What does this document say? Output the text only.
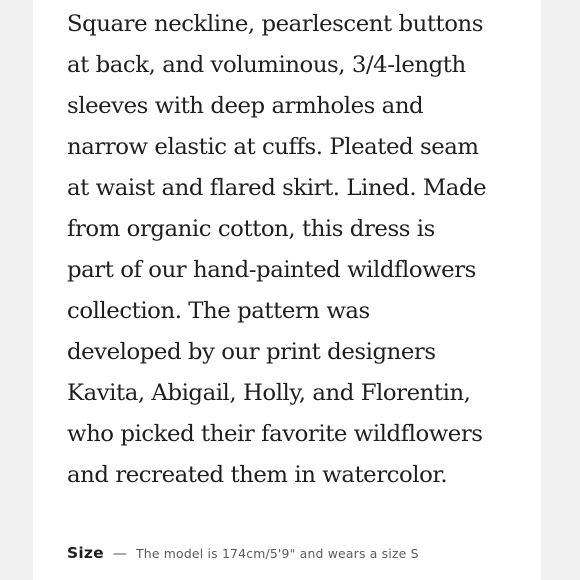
Square neckline, pearlescent buttons
at back, and voluminous, 3/4-length
sleeves with deep armholes and
narrow elastic at cuffs. Pleated seam
at waist and flared skirt. Lined. Made
from organic cotton, this dress is
part of our hand-painted wildflowers
collection. The pattern was
developed by our print designers
Kavita, Abigail, Holly, and Florentin,
who picked their favorite wildflowers
and recreated them in watercolor.

Size — The model is 174cm/5'9" and wears a size S
